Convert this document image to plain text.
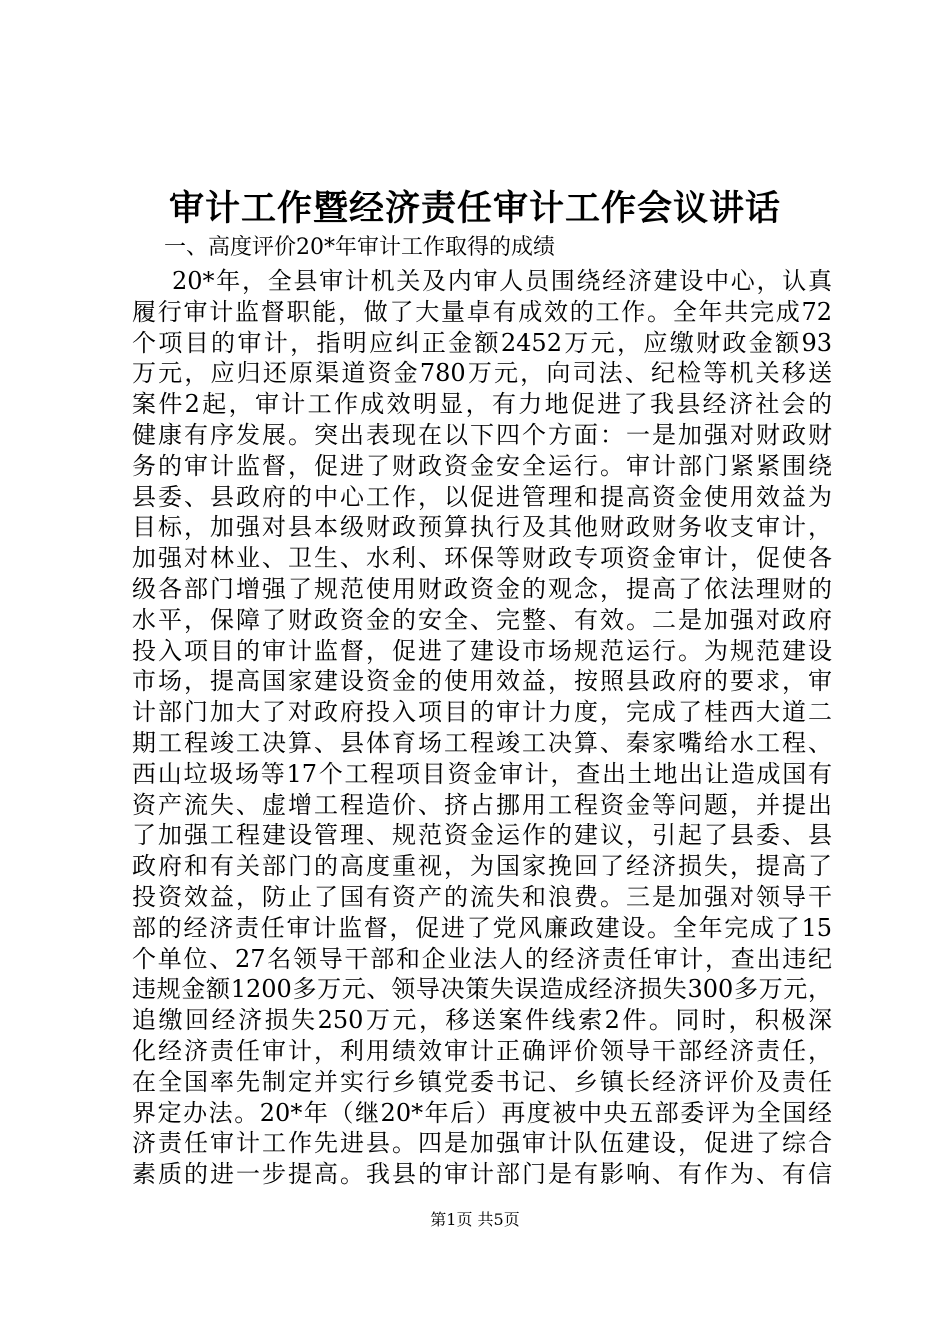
审计工作暨经济责任审计工作会议讲话
一、高度评价20*年审计工作取得的成绩
20*年，全县审计机关及内审人员围绕经济建设中心，认真
履行审计监督职能，做了大量卓有成效的工作。全年共完成72
个项目的审计，指明应纠正金额2452万元，应缴财政金额93
万元，应归还原渠道资金780万元，向司法、纪检等机关移送
案件2起，审计工作成效明显，有力地促进了我县经济社会的
健康有序发展。突出表现在以下四个方面：一是加强对财政财
务的审计监督，促进了财政资金安全运行。审计部门紧紧围绕
县委、县政府的中心工作，以促进管理和提高资金使用效益为
目标，加强对县本级财政预算执行及其他财政财务收支审计，
加强对林业、卫生、水利、环保等财政专项资金审计，促使各
级各部门增强了规范使用财政资金的观念，提高了依法理财的
水平，保障了财政资金的安全、完整、有效。二是加强对政府
投入项目的审计监督，促进了建设市场规范运行。为规范建设
市场，提高国家建设资金的使用效益，按照县政府的要求，审
计部门加大了对政府投入项目的审计力度，完成了桂西大道二
期工程竣工决算、县体育场工程竣工决算、秦家嘴给水工程、
西山垃圾场等17个工程项目资金审计，查出土地出让造成国有
资产流失、虚增工程造价、挤占挪用工程资金等问题，并提出
了加强工程建设管理、规范资金运作的建议，引起了县委、县
政府和有关部门的高度重视，为国家挽回了经济损失，提高了
投资效益，防止了国有资产的流失和浪费。三是加强对领导干
部的经济责任审计监督，促进了党风廉政建设。全年完成了15
个单位、27名领导干部和企业法人的经济责任审计，查出违纪
违规金额1200多万元、领导决策失误造成经济损失300多万元，
追缴回经济损失250万元，移送案件线索2件。同时，积极深
化经济责任审计，利用绩效审计正确评价领导干部经济责任，
在全国率先制定并实行乡镇党委书记、乡镇长经济评价及责任
界定办法。20*年（继20*年后）再度被中央五部委评为全国经
济责任审计工作先进县。四是加强审计队伍建设，促进了综合
素质的进一步提高。我县的审计部门是有影响、有作为、有信
第1页 共5页
